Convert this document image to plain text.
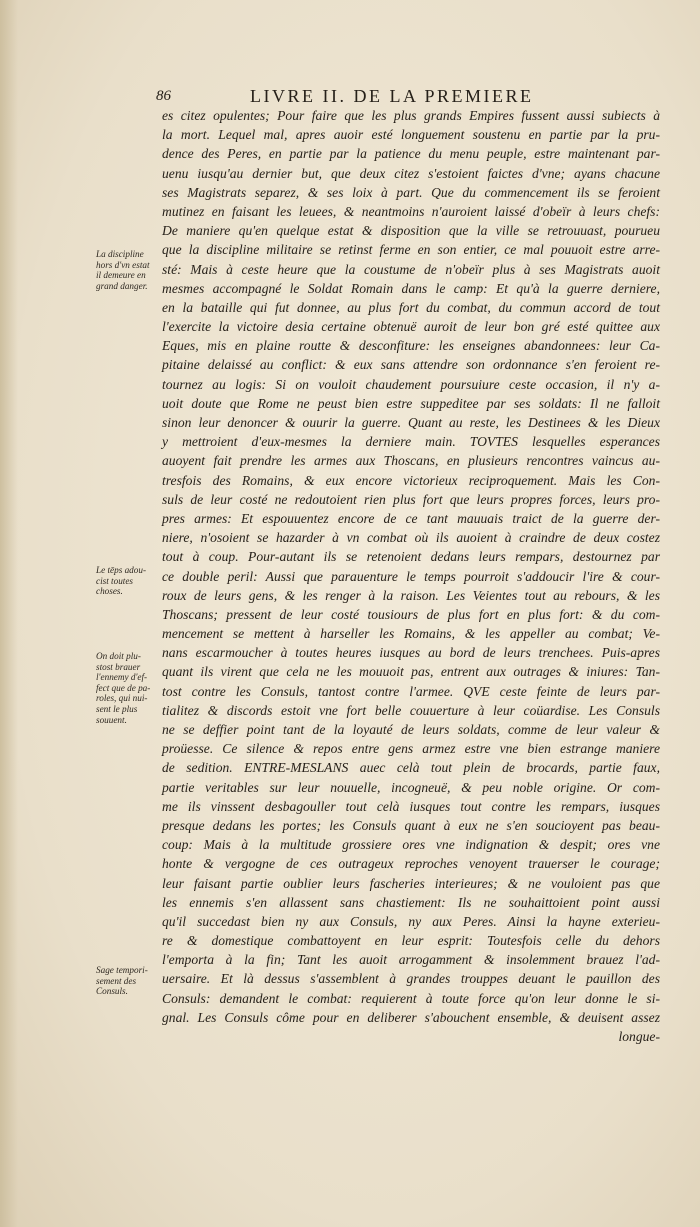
86	LIVRE II. DE LA PREMIERE
La discipline
hors d'vn estat
il demeure en
grand danger.
Le tēps adou-
cist toutes
choses.
On doit plu-
stost brauer
l'ennemy d'ef-
fect que de pa-
roles, qui nui-
sent le plus
souuent.
Sage tempori-
sement des
Consuls.
es citez opulentes; Pour faire que les plus grands Empires fussent aussi subiects à
la mort. Lequel mal, apres auoir esté longuement soustenu en partie par la pru-
dence des Peres, en partie par la patience du menu peuple, estre maintenant par-
uenu iusqu'au dernier but, que deux citez s'estoient faictes d'vne; ayans chacune
ses Magistrats separez, & ses loix à part. Que du commencement ils se feroient
mutinez en faisant les leuees, & neantmoins n'auroient laissé d'obeïr à leurs chefs:
De maniere qu'en quelque estat & disposition que la ville se retrouuast, pourueu
que la discipline militaire se retinst ferme en son entier, ce mal pouuoit estre arre-
sté: Mais à ceste heure que la coustume de n'obeïr plus à ses Magistrats auoit
mesmes accompagné le Soldat Romain dans le camp: Et qu'à la guerre derniere,
en la bataille qui fut donnee, au plus fort du combat, du commun accord de tout
l'exercite la victoire desia certaine obtenuë auroit de leur bon gré esté quittee aux
Eques, mis en plaine routte & desconfiture: les enseignes abandonnees: leur Ca-
pitaine delaissé au conflict: & eux sans attendre son ordonnance s'en feroient re-
tournez au logis: Si on vouloit chaudement poursuiure ceste occasion, il n'y a-
uoit doute que Rome ne peust bien estre suppeditee par ses soldats: Il ne falloit
sinon leur denoncer & ouurir la guerre. Quant au reste, les Destinees & les Dieux
y mettroient d'eux-mesmes la derniere main. TOVTES lesquelles esperances
auoyent fait prendre les armes aux Thoscans, en plusieurs rencontres vaincus au-
tresfois des Romains, & eux encore victorieux reciproquement. Mais les Con-
suls de leur costé ne redoutoient rien plus fort que leurs propres forces, leurs pro-
pres armes: Et espouuentez encore de ce tant mauuais traict de la guerre der-
niere, n'osoient se hazarder à vn combat où ils auoient à craindre de deux costez
tout à coup. Pour-autant ils se retenoient dedans leurs rempars, destournez par
ce double peril: Aussi que parauenture le temps pourroit s'addoucir l'ire & cour-
roux de leurs gens, & les renger à la raison. Les Veientes tout au rebours, & les
Thoscans; pressent de leur costé tousiours de plus fort en plus fort: & du com-
mencement se mettent à harseller les Romains, & les appeller au combat; Ve-
nans escarmoucher à toutes heures iusques au bord de leurs trenchees. Puis-apres
quant ils virent que cela ne les mouuoit pas, entrent aux outrages & iniures: Tan-
tost contre les Consuls, tantost contre l'armee. QVE ceste feinte de leurs par-
tialitez & discords estoit vne fort belle couuerture à leur coüardise. Les Consuls
ne se deffier point tant de la loyauté de leurs soldats, comme de leur valeur &
proüesse. Ce silence & repos entre gens armez estre vne bien estrange maniere
de sedition. ENTRE-MESLANS auec celà tout plein de brocards, partie faux,
partie veritables sur leur nouuelle, incogneuë, & peu noble origine. Or com-
me ils vinssent desbagouller tout celà iusques tout contre les rempars, iusques
presque dedans les portes; les Consuls quant à eux ne s'en soucioyent pas beau-
coup: Mais à la multitude grossiere ores vne indignation & despit; ores vne
honte & vergogne de ces outrageux reproches venoyent trauerser le courage;
leur faisant partie oublier leurs fascheries interieures; & ne vouloient pas que
les ennemis s'en allassent sans chastiement: Ils ne souhaittoient point aussi
qu'il succedast bien ny aux Consuls, ny aux Peres. Ainsi la hayne exterieu-
re & domestique combattoyent en leur esprit: Toutesfois celle du dehors
l'emporta à la fin; Tant les auoit arrogamment & insolemment brauez l'ad-
uersaire. Et là dessus s'assemblent à grandes trouppes deuant le pauillon des
Consuls: demandent le combat: requierent à toute force qu'on leur donne le si-
gnal. Les Consuls côme pour en deliberer s'abouchent ensemble, & deuisent assez
longue-
